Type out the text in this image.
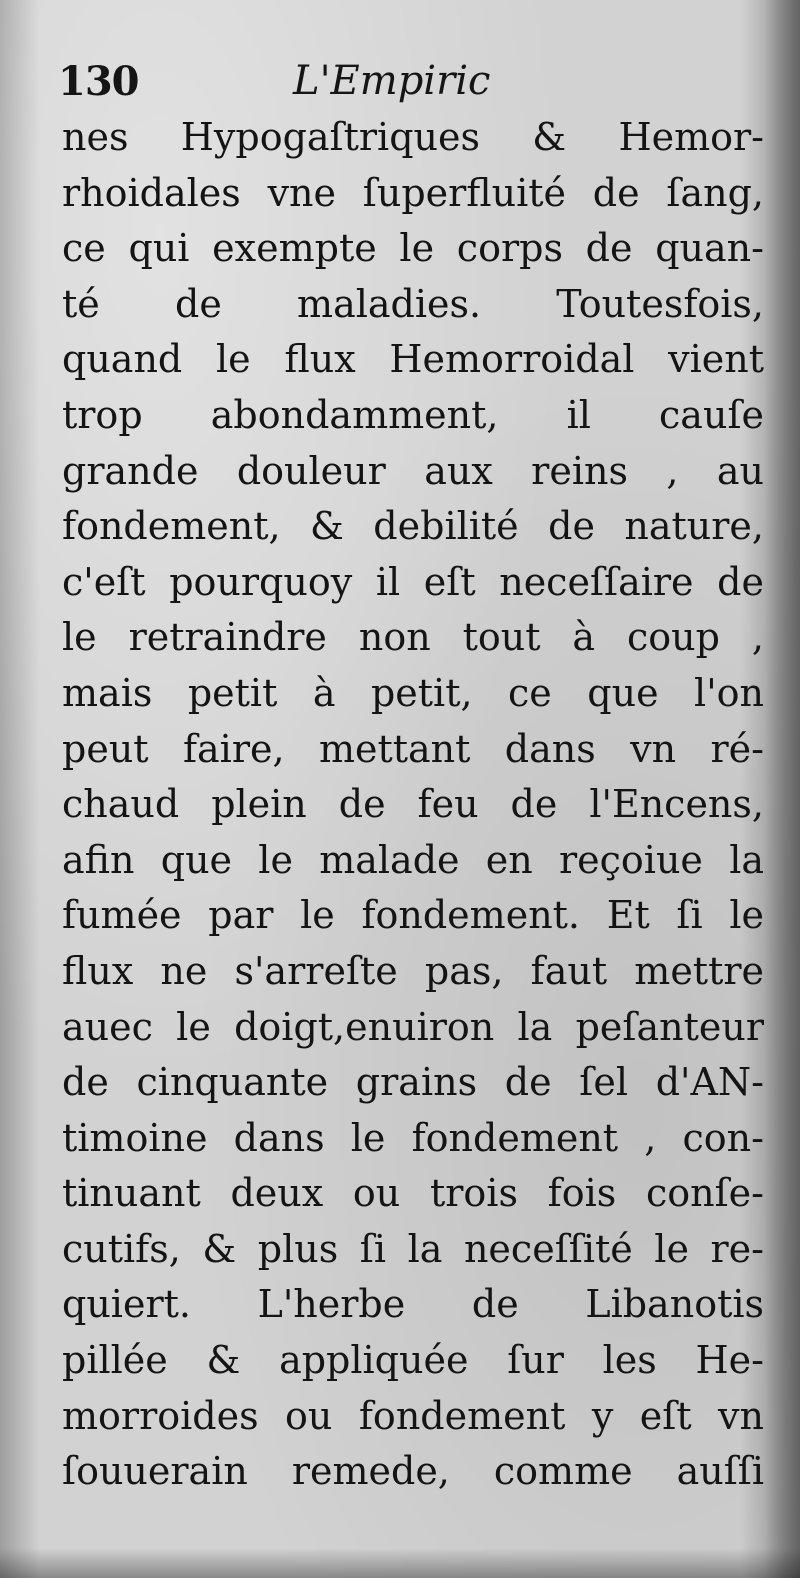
130	L'Empiric
nes Hypogaſtriques & Hemor-
rhoidales vne ſuperfluité de ſang,
ce qui exempte le corps de quan-
té de maladies. Toutesfois,
quand le flux Hemorroidal vient
trop abondamment, il cauſe
grande douleur aux reins , au
fondement, & debilité de nature,
c'eſt pourquoy il eſt neceſſaire de
le retraindre non tout à coup ,
mais petit à petit, ce que l'on
peut faire, mettant dans vn ré-
chaud plein de feu de l'Encens,
afin que le malade en reçoiue la
fumée par le fondement. Et ſi le
flux ne s'arreſte pas, faut mettre
auec le doigt,enuiron la peſanteur
de cinquante grains de ſel d'AN-
timoine dans le fondement , con-
tinuant deux ou trois fois conſe-
cutifs, & plus ſi la neceſſité le re-
quiert. L'herbe de Libanotis
pillée & appliquée ſur les He-
morroides ou fondement y eſt vn
ſouuerain remede, comme auſſi
